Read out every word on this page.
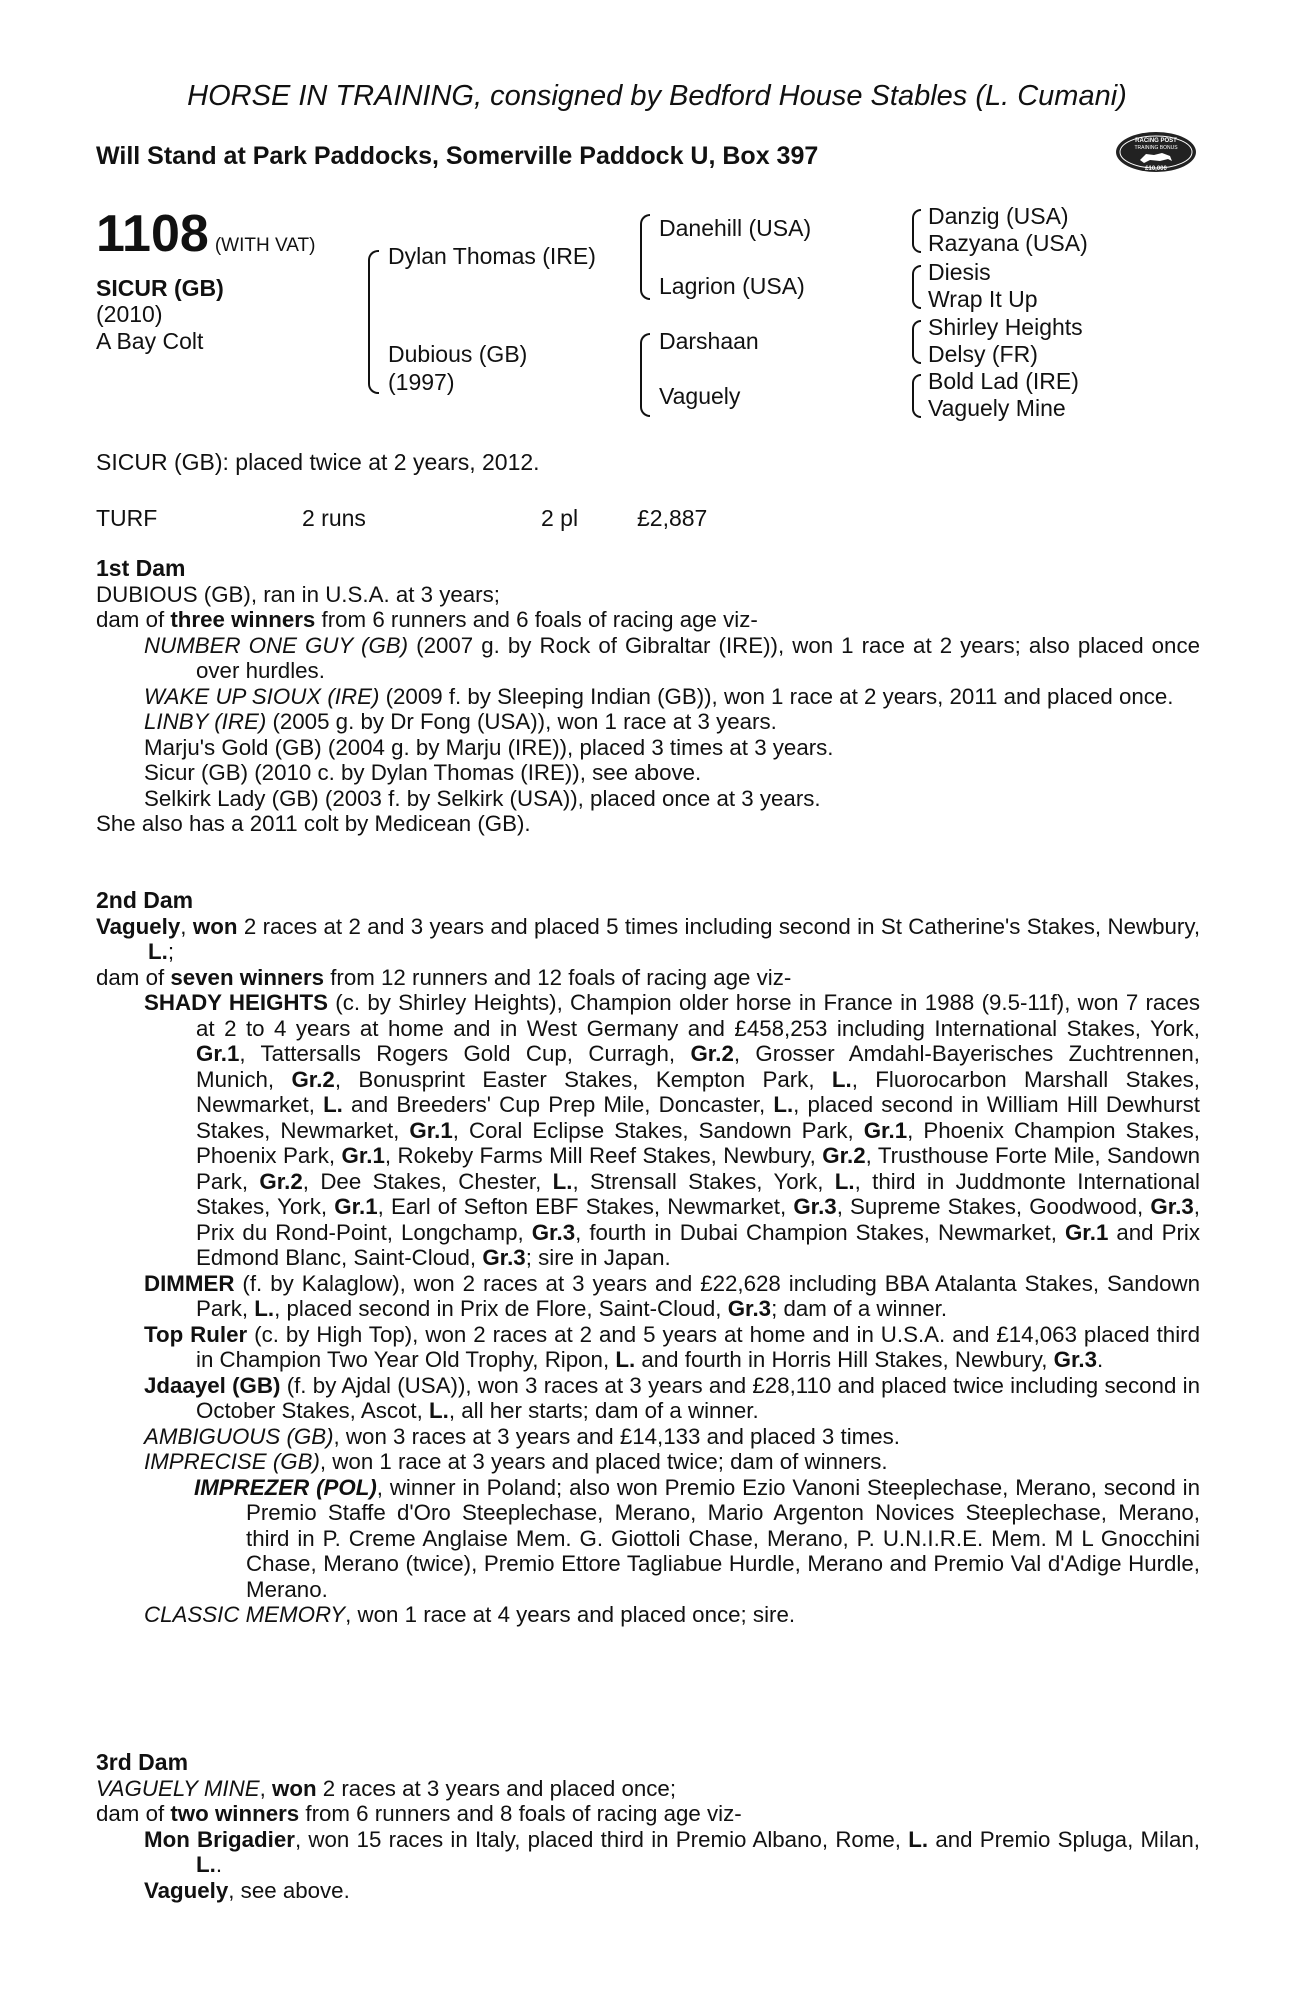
HORSE IN TRAINING, consigned by Bedford House Stables (L. Cumani)
Will Stand at Park Paddocks, Somerville Paddock U, Box 397
RACING POST
TRAINING BONUS
£10,000
1108 (WITH VAT)
SICUR (GB)
(2010)
A Bay Colt
Dylan Thomas (IRE)
Dubious (GB)
(1997)
Danehill (USA)
Lagrion (USA)
Darshaan
Vaguely
Danzig (USA)
Razyana (USA)
Diesis
Wrap It Up
Shirley Heights
Delsy (FR)
Bold Lad (IRE)
Vaguely Mine
SICUR (GB): placed twice at 2 years, 2012.
TURF	2 runs	2 pl	£2,887
1st Dam
DUBIOUS (GB), ran in U.S.A. at 3 years;
dam of three winners from 6 runners and 6 foals of racing age viz-
NUMBER ONE GUY (GB) (2007 g. by Rock of Gibraltar (IRE)), won 1 race at 2 years; also placed once over hurdles.
WAKE UP SIOUX (IRE) (2009 f. by Sleeping Indian (GB)), won 1 race at 2 years, 2011 and placed once.
LINBY (IRE) (2005 g. by Dr Fong (USA)), won 1 race at 3 years.
Marju's Gold (GB) (2004 g. by Marju (IRE)), placed 3 times at 3 years.
Sicur (GB) (2010 c. by Dylan Thomas (IRE)), see above.
Selkirk Lady (GB) (2003 f. by Selkirk (USA)), placed once at 3 years.
She also has a 2011 colt by Medicean (GB).
2nd Dam
Vaguely, won 2 races at 2 and 3 years and placed 5 times including second in St Catherine's Stakes, Newbury, L.;
dam of seven winners from 12 runners and 12 foals of racing age viz-
SHADY HEIGHTS (c. by Shirley Heights), Champion older horse in France in 1988 (9.5-11f), won 7 races at 2 to 4 years at home and in West Germany and £458,253 including International Stakes, York, Gr.1, Tattersalls Rogers Gold Cup, Curragh, Gr.2, Grosser Amdahl-Bayerisches Zuchtrennen, Munich, Gr.2, Bonusprint Easter Stakes, Kempton Park, L., Fluorocarbon Marshall Stakes, Newmarket, L. and Breeders' Cup Prep Mile, Doncaster, L., placed second in William Hill Dewhurst Stakes, Newmarket, Gr.1, Coral Eclipse Stakes, Sandown Park, Gr.1, Phoenix Champion Stakes, Phoenix Park, Gr.1, Rokeby Farms Mill Reef Stakes, Newbury, Gr.2, Trusthouse Forte Mile, Sandown Park, Gr.2, Dee Stakes, Chester, L., Strensall Stakes, York, L., third in Juddmonte International Stakes, York, Gr.1, Earl of Sefton EBF Stakes, Newmarket, Gr.3, Supreme Stakes, Goodwood, Gr.3, Prix du Rond-Point, Longchamp, Gr.3, fourth in Dubai Champion Stakes, Newmarket, Gr.1 and Prix Edmond Blanc, Saint-Cloud, Gr.3; sire in Japan.
DIMMER (f. by Kalaglow), won 2 races at 3 years and £22,628 including BBA Atalanta Stakes, Sandown Park, L., placed second in Prix de Flore, Saint-Cloud, Gr.3; dam of a winner.
Top Ruler (c. by High Top), won 2 races at 2 and 5 years at home and in U.S.A. and £14,063 placed third in Champion Two Year Old Trophy, Ripon, L. and fourth in Horris Hill Stakes, Newbury, Gr.3.
Jdaayel (GB) (f. by Ajdal (USA)), won 3 races at 3 years and £28,110 and placed twice including second in October Stakes, Ascot, L., all her starts; dam of a winner.
AMBIGUOUS (GB), won 3 races at 3 years and £14,133 and placed 3 times.
IMPRECISE (GB), won 1 race at 3 years and placed twice; dam of winners.
IMPREZER (POL), winner in Poland; also won Premio Ezio Vanoni Steeplechase, Merano, second in Premio Staffe d'Oro Steeplechase, Merano, Mario Argenton Novices Steeplechase, Merano, third in P. Creme Anglaise Mem. G. Giottoli Chase, Merano, P. U.N.I.R.E. Mem. M L Gnocchini Chase, Merano (twice), Premio Ettore Tagliabue Hurdle, Merano and Premio Val d'Adige Hurdle, Merano.
CLASSIC MEMORY, won 1 race at 4 years and placed once; sire.
3rd Dam
VAGUELY MINE, won 2 races at 3 years and placed once;
dam of two winners from 6 runners and 8 foals of racing age viz-
Mon Brigadier, won 15 races in Italy, placed third in Premio Albano, Rome, L. and Premio Spluga, Milan, L..
Vaguely, see above.
